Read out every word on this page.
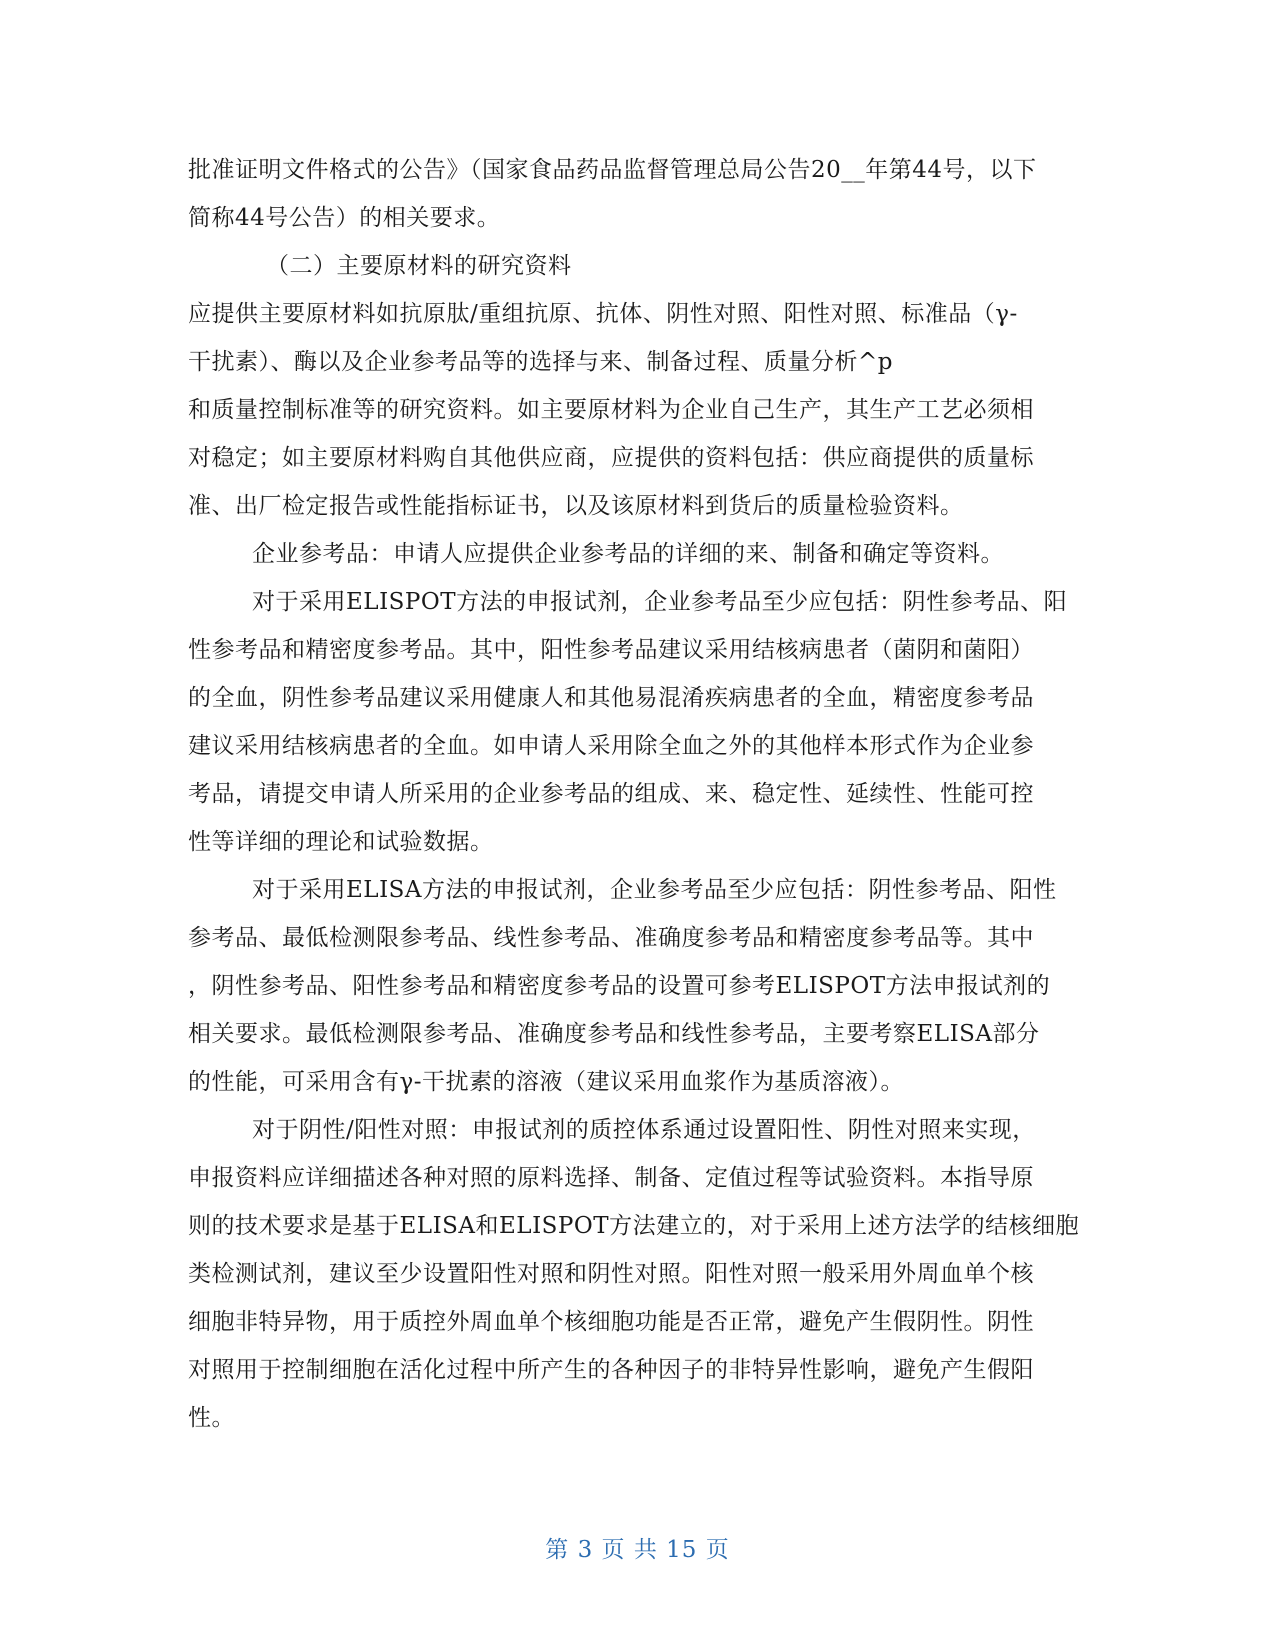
批准证明文件格式的公告》（国家食品药品监督管理总局公告20__年第44号，以下
简称44号公告）的相关要求。
（二）主要原材料的研究资料
应提供主要原材料如抗原肽/重组抗原、抗体、阴性对照、阳性对照、标准品（γ-
干扰素）、酶以及企业参考品等的选择与来、制备过程、质量分析^p
和质量控制标准等的研究资料。如主要原材料为企业自己生产，其生产工艺必须相
对稳定；如主要原材料购自其他供应商，应提供的资料包括：供应商提供的质量标
准、出厂检定报告或性能指标证书，以及该原材料到货后的质量检验资料。
企业参考品：申请人应提供企业参考品的详细的来、制备和确定等资料。
对于采用ELISPOT方法的申报试剂，企业参考品至少应包括：阴性参考品、阳
性参考品和精密度参考品。其中，阳性参考品建议采用结核病患者（菌阴和菌阳）
的全血，阴性参考品建议采用健康人和其他易混淆疾病患者的全血，精密度参考品
建议采用结核病患者的全血。如申请人采用除全血之外的其他样本形式作为企业参
考品，请提交申请人所采用的企业参考品的组成、来、稳定性、延续性、性能可控
性等详细的理论和试验数据。
对于采用ELISA方法的申报试剂，企业参考品至少应包括：阴性参考品、阳性
参考品、最低检测限参考品、线性参考品、准确度参考品和精密度参考品等。其中
，阴性参考品、阳性参考品和精密度参考品的设置可参考ELISPOT方法申报试剂的
相关要求。最低检测限参考品、准确度参考品和线性参考品，主要考察ELISA部分
的性能，可采用含有γ-干扰素的溶液（建议采用血浆作为基质溶液）。
对于阴性/阳性对照：申报试剂的质控体系通过设置阳性、阴性对照来实现，
申报资料应详细描述各种对照的原料选择、制备、定值过程等试验资料。本指导原
则的技术要求是基于ELISA和ELISPOT方法建立的，对于采用上述方法学的结核细胞
类检测试剂，建议至少设置阳性对照和阴性对照。阳性对照一般采用外周血单个核
细胞非特异物，用于质控外周血单个核细胞功能是否正常，避免产生假阴性。阴性
对照用于控制细胞在活化过程中所产生的各种因子的非特异性影响，避免产生假阳
性。
第 3 页 共 15 页
